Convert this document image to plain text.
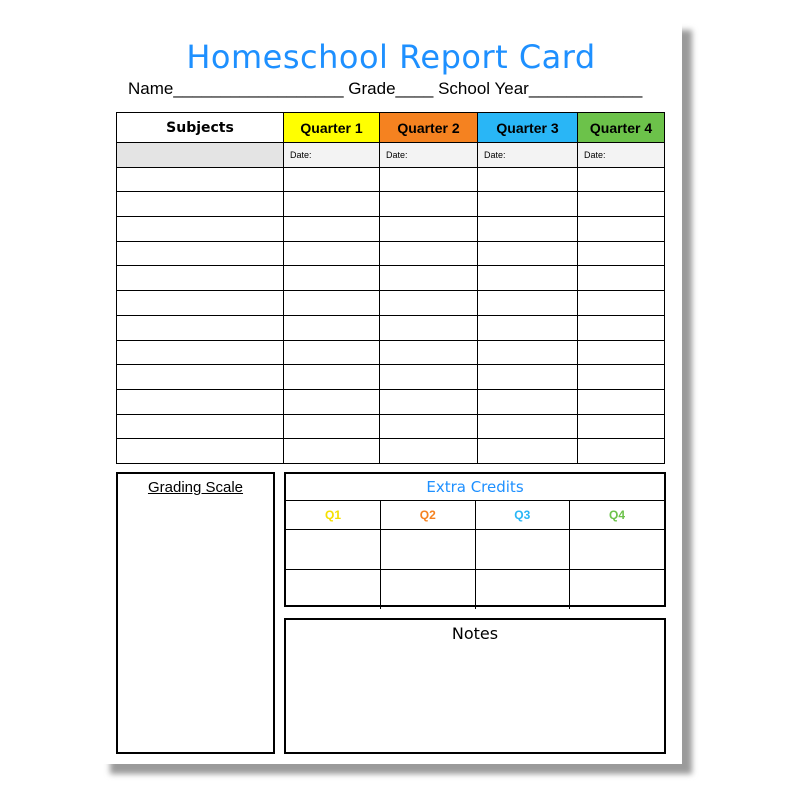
Homeschool Report Card
Name__________________ Grade____ School Year____________
Subjects	Quarter 1	Quarter 2	Quarter 3	Quarter 4
	Date:	Date:	Date:	Date:

Grading Scale	Extra Credits
Q1	Q2	Q3	Q4

Notes
